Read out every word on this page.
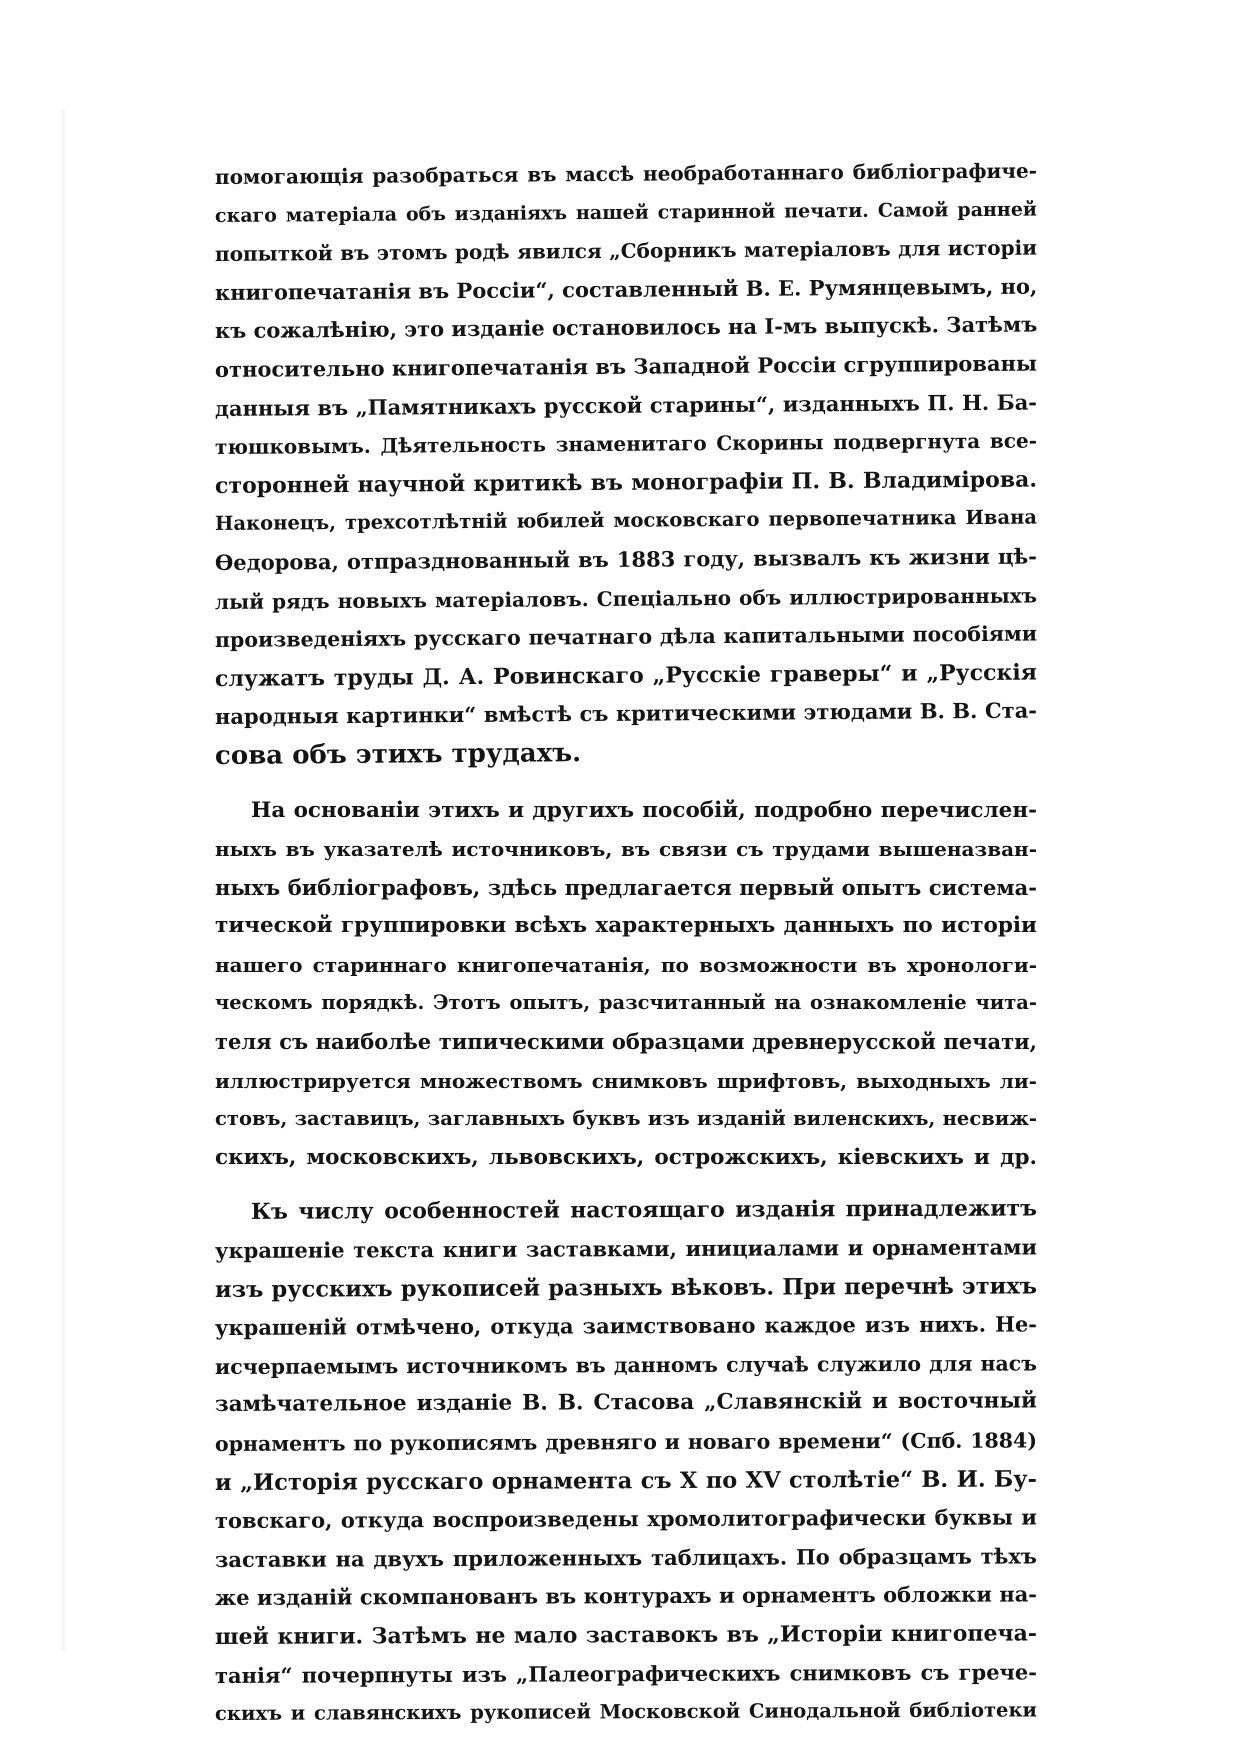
помогающія разобраться въ массѣ необработаннаго библіографиче-
скаго матеріала объ изданіяхъ нашей старинной печати. Самой ранней
попыткой въ этомъ родѣ явился „Сборникъ матеріаловъ для исторіи
книгопечатанія въ Россіи“, составленный В. Е. Румянцевымъ, но,
къ сожалѣнію, это изданіе остановилось на I-мъ выпускѣ. Затѣмъ
относительно книгопечатанія въ Западной Россіи сгруппированы
данныя въ „Памятникахъ русской старины“, изданныхъ П. Н. Ба-
тюшковымъ. Дѣятельность знаменитаго Скорины подвергнута все-
сторонней научной критикѣ въ монографіи П. В. Владимірова.
Наконецъ, трехсотлѣтній юбилей московскаго первопечатника Ивана
Ѳедорова, отпразднованный въ 1883 году, вызвалъ къ жизни цѣ-
лый рядъ новыхъ матеріаловъ. Спеціально объ иллюстрированныхъ
произведеніяхъ русскаго печатнаго дѣла капитальными пособіями
служатъ труды Д. А. Ровинскаго „Русскіе граверы“ и „Русскія
народныя картинки“ вмѣстѣ съ критическими этюдами В. В. Ста-
сова объ этихъ трудахъ.
На основаніи этихъ и другихъ пособій, подробно перечислен-
ныхъ въ указателѣ источниковъ, въ связи съ трудами вышеназван-
ныхъ библіографовъ, здѣсь предлагается первый опытъ система-
тической группировки всѣхъ характерныхъ данныхъ по исторіи
нашего стариннаго книгопечатанія, по возможности въ хронологи-
ческомъ порядкѣ. Этотъ опытъ, разсчитанный на ознакомленіе чита-
теля съ наиболѣе типическими образцами древнерусской печати,
иллюстрируется множествомъ снимковъ шрифтовъ, выходныхъ ли-
стовъ, заставицъ, заглавныхъ буквъ изъ изданій виленскихъ, несвиж-
скихъ, московскихъ, львовскихъ, острожскихъ, кіевскихъ и др.
Къ числу особенностей настоящаго изданія принадлежитъ
украшеніе текста книги заставками, инициалами и орнаментами
изъ русскихъ рукописей разныхъ вѣковъ. При перечнѣ этихъ
украшеній отмѣчено, откуда заимствовано каждое изъ нихъ. Не-
исчерпаемымъ источникомъ въ данномъ случаѣ служило для насъ
замѣчательное изданіе В. В. Стасова „Славянскій и восточный
орнаментъ по рукописямъ древняго и новаго времени“ (Спб. 1884)
и „Исторія русскаго орнамента съ X по XV столѣтіе“ В. И. Бу-
товскаго, откуда воспроизведены хромолитографически буквы и
заставки на двухъ приложенныхъ таблицахъ. По образцамъ тѣхъ
же изданій скомпанованъ въ контурахъ и орнаментъ обложки на-
шей книги. Затѣмъ не мало заставокъ въ „Исторіи книгопеча-
танія“ почерпнуты изъ „Палеографическихъ снимковъ съ грече-
скихъ и славянскихъ рукописей Московской Синодальной библіотеки
